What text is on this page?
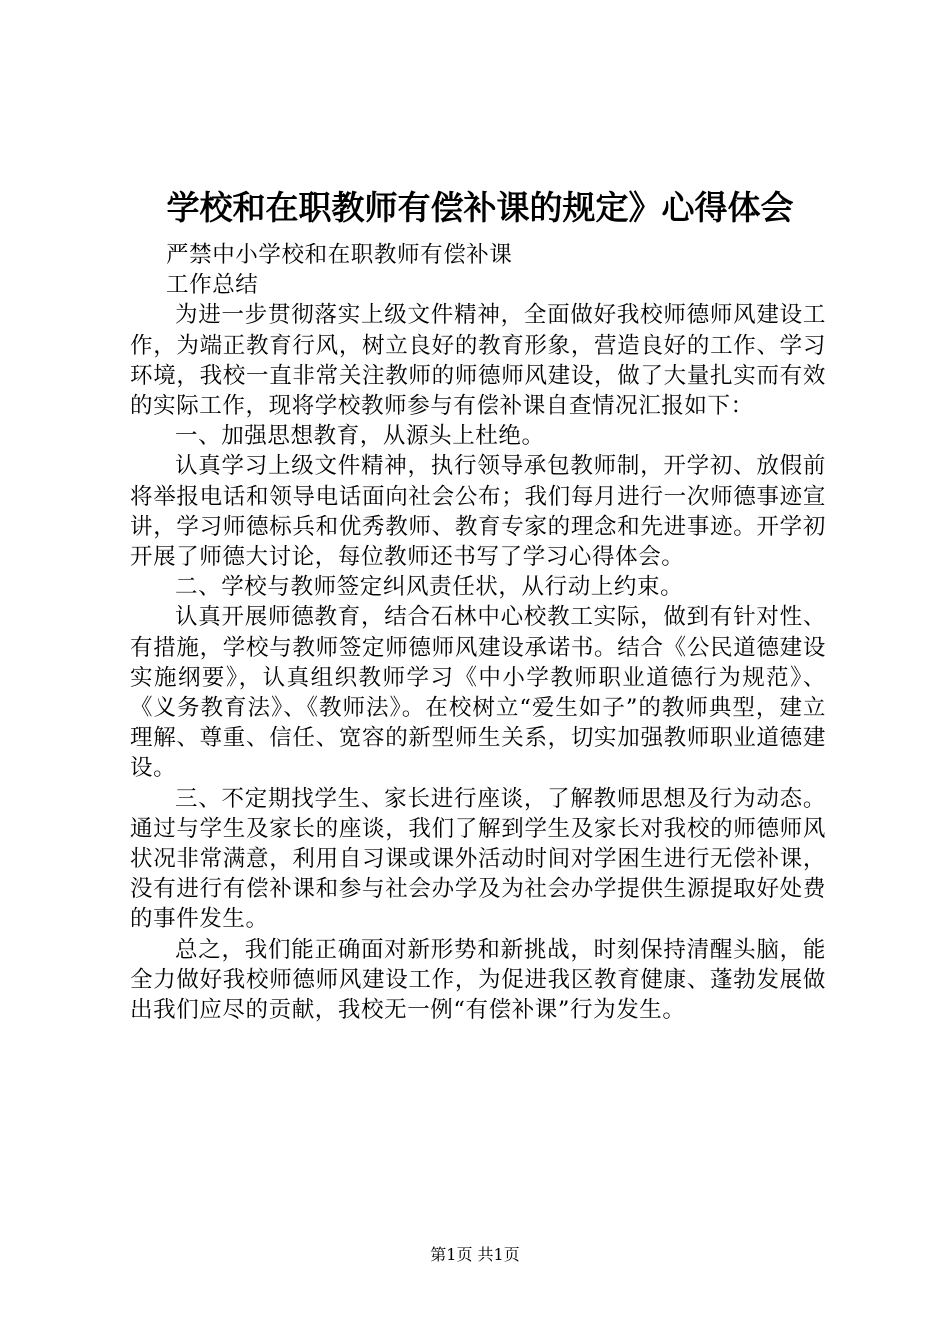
学校和在职教师有偿补课的规定》心得体会

严禁中小学校和在职教师有偿补课

工作总结

为进一步贯彻落实上级文件精神，全面做好我校师德师风建设工作，为端正教育行风，树立良好的教育形象，营造良好的工作、学习环境，我校一直非常关注教师的师德师风建设，做了大量扎实而有效的实际工作，现将学校教师参与有偿补课自查情况汇报如下：

一、加强思想教育，从源头上杜绝。

认真学习上级文件精神，执行领导承包教师制，开学初、放假前将举报电话和领导电话面向社会公布；我们每月进行一次师德事迹宣讲，学习师德标兵和优秀教师、教育专家的理念和先进事迹。开学初开展了师德大讨论，每位教师还书写了学习心得体会。

二、学校与教师签定纠风责任状，从行动上约束。

认真开展师德教育，结合石林中心校教工实际，做到有针对性、有措施，学校与教师签定师德师风建设承诺书。结合《公民道德建设实施纲要》，认真组织教师学习《中小学教师职业道德行为规范》、《义务教育法》、《教师法》。在校树立“爱生如子”的教师典型，建立理解、尊重、信任、宽容的新型师生关系，切实加强教师职业道德建设。

三、不定期找学生、家长进行座谈，了解教师思想及行为动态。通过与学生及家长的座谈，我们了解到学生及家长对我校的师德师风状况非常满意，利用自习课或课外活动时间对学困生进行无偿补课，没有进行有偿补课和参与社会办学及为社会办学提供生源提取好处费的事件发生。

总之，我们能正确面对新形势和新挑战，时刻保持清醒头脑，能全力做好我校师德师风建设工作，为促进我区教育健康、蓬勃发展做出我们应尽的贡献，我校无一例“有偿补课”行为发生。

第1页 共1页
